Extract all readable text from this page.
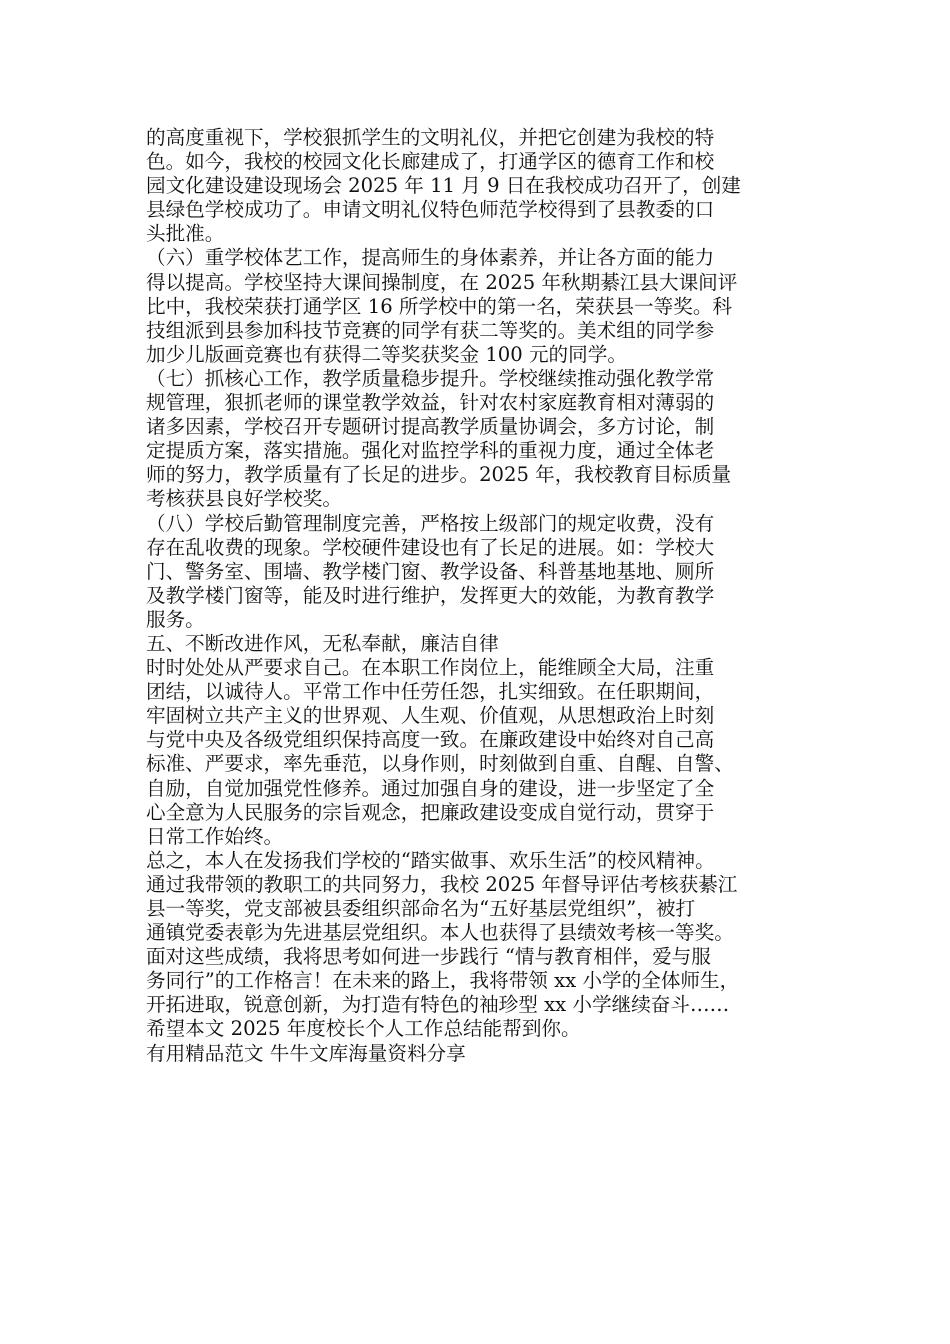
的高度重视下，学校狠抓学生的文明礼仪，并把它创建为我校的特
色。如今，我校的校园文化长廊建成了，打通学区的德育工作和校
园文化建设建设现场会 2025 年 11 月 9 日在我校成功召开了，创建
县绿色学校成功了。申请文明礼仪特色师范学校得到了县教委的口
头批准。
（六）重学校体艺工作，提高师生的身体素养，并让各方面的能力
得以提高。学校坚持大课间操制度，在 2025 年秋期綦江县大课间评
比中，我校荣获打通学区 16 所学校中的第一名，荣获县一等奖。科
技组派到县参加科技节竞赛的同学有获二等奖的。美术组的同学参
加少儿版画竞赛也有获得二等奖获奖金 100 元的同学。
（七）抓核心工作，教学质量稳步提升。学校继续推动强化教学常
规管理，狠抓老师的课堂教学效益，针对农村家庭教育相对薄弱的
诸多因素，学校召开专题研讨提高教学质量协调会，多方讨论，制
定提质方案，落实措施。强化对监控学科的重视力度，通过全体老
师的努力，教学质量有了长足的进步。2025 年，我校教育目标质量
考核获县良好学校奖。
（八）学校后勤管理制度完善，严格按上级部门的规定收费，没有
存在乱收费的现象。学校硬件建设也有了长足的进展。如：学校大
门、警务室、围墙、教学楼门窗、教学设备、科普基地基地、厕所
及教学楼门窗等，能及时进行维护，发挥更大的效能，为教育教学
服务。
五、不断改进作风，无私奉献，廉洁自律
时时处处从严要求自己。在本职工作岗位上，能维顾全大局，注重
团结，以诚待人。平常工作中任劳任怨，扎实细致。在任职期间，
牢固树立共产主义的世界观、人生观、价值观，从思想政治上时刻
与党中央及各级党组织保持高度一致。在廉政建设中始终对自己高
标准、严要求，率先垂范，以身作则，时刻做到自重、自醒、自警、
自励，自觉加强党性修养。通过加强自身的建设，进一步坚定了全
心全意为人民服务的宗旨观念，把廉政建设变成自觉行动，贯穿于
日常工作始终。
总之，本人在发扬我们学校的“踏实做事、欢乐生活”的校风精神。
通过我带领的教职工的共同努力，我校 2025 年督导评估考核获綦江
县一等奖，党支部被县委组织部命名为“五好基层党组织”，被打
通镇党委表彰为先进基层党组织。本人也获得了县绩效考核一等奖。
面对这些成绩，我将思考如何进一步践行 “情与教育相伴，爱与服
务同行”的工作格言！在未来的路上，我将带领 xx 小学的全体师生，
开拓进取，锐意创新，为打造有特色的袖珍型 xx 小学继续奋斗……
希望本文 2025 年度校长个人工作总结能帮到你。
有用精品范文 牛牛文库海量资料分享
